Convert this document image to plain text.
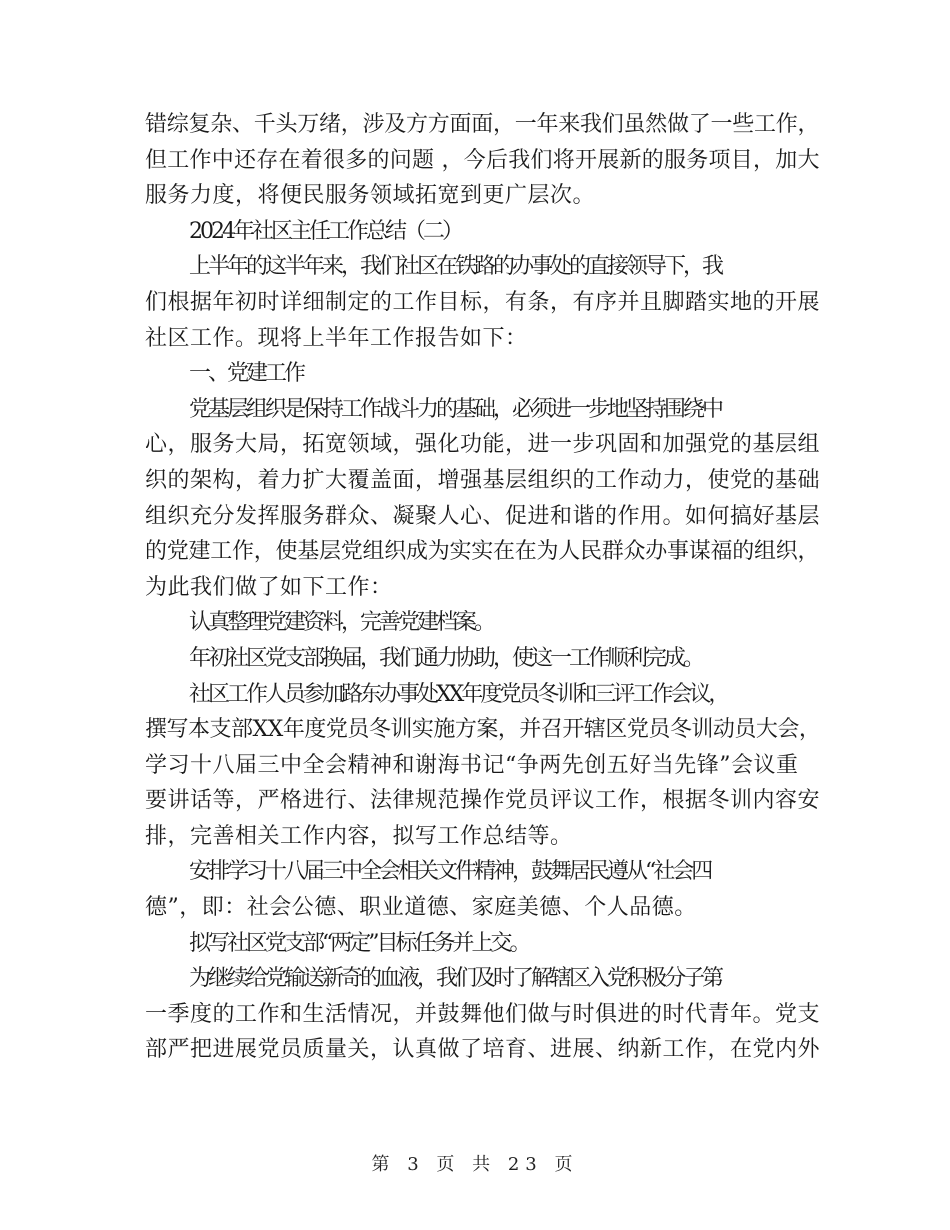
错综复杂、千头万绪，涉及方方面面，一年来我们虽然做了一些工作，
但工作中还存在着很多的问题 ，今后我们将开展新的服务项目，加大
服务力度，将便民服务领域拓宽到更广层次。
2024年社区主任工作总结（二）
上半年的这半年来，我们社区在铁路的办事处的直接领导下，我
们根据年初时详细制定的工作目标，有条，有序并且脚踏实地的开展
社区工作。现将上半年工作报告如下：
一、党建工作
党基层组织是保持工作战斗力的基础，必须进一步地坚持围绕中
心，服务大局，拓宽领域，强化功能，进一步巩固和加强党的基层组
织的架构，着力扩大覆盖面，增强基层组织的工作动力，使党的基础
组织充分发挥服务群众、凝聚人心、促进和谐的作用。如何搞好基层
的党建工作，使基层党组织成为实实在在为人民群众办事谋福的组织，
为此我们做了如下工作：
认真整理党建资料，完善党建档案。
年初社区党支部换届，我们通力协助，使这一工作顺利完成。
社区工作人员参加路东办事处XX年度党员冬训和三评工作会议，
撰写本支部XX年度党员冬训实施方案，并召开辖区党员冬训动员大会，
学习十八届三中全会精神和谢海书记“争两先创五好当先锋”会议重
要讲话等，严格进行、法律规范操作党员评议工作，根据冬训内容安
排，完善相关工作内容，拟写工作总结等。
安排学习十八届三中全会相关文件精神，鼓舞居民遵从“社会四
德”，即：社会公德、职业道德、家庭美德、个人品德。
拟写社区党支部“两定”目标任务并上交。
为继续给党输送新奇的血液，我们及时了解辖区入党积极分子第
一季度的工作和生活情况，并鼓舞他们做与时俱进的时代青年。党支
部严把进展党员质量关，认真做了培育、进展、纳新工作，在党内外
第 3 页 共 23 页
